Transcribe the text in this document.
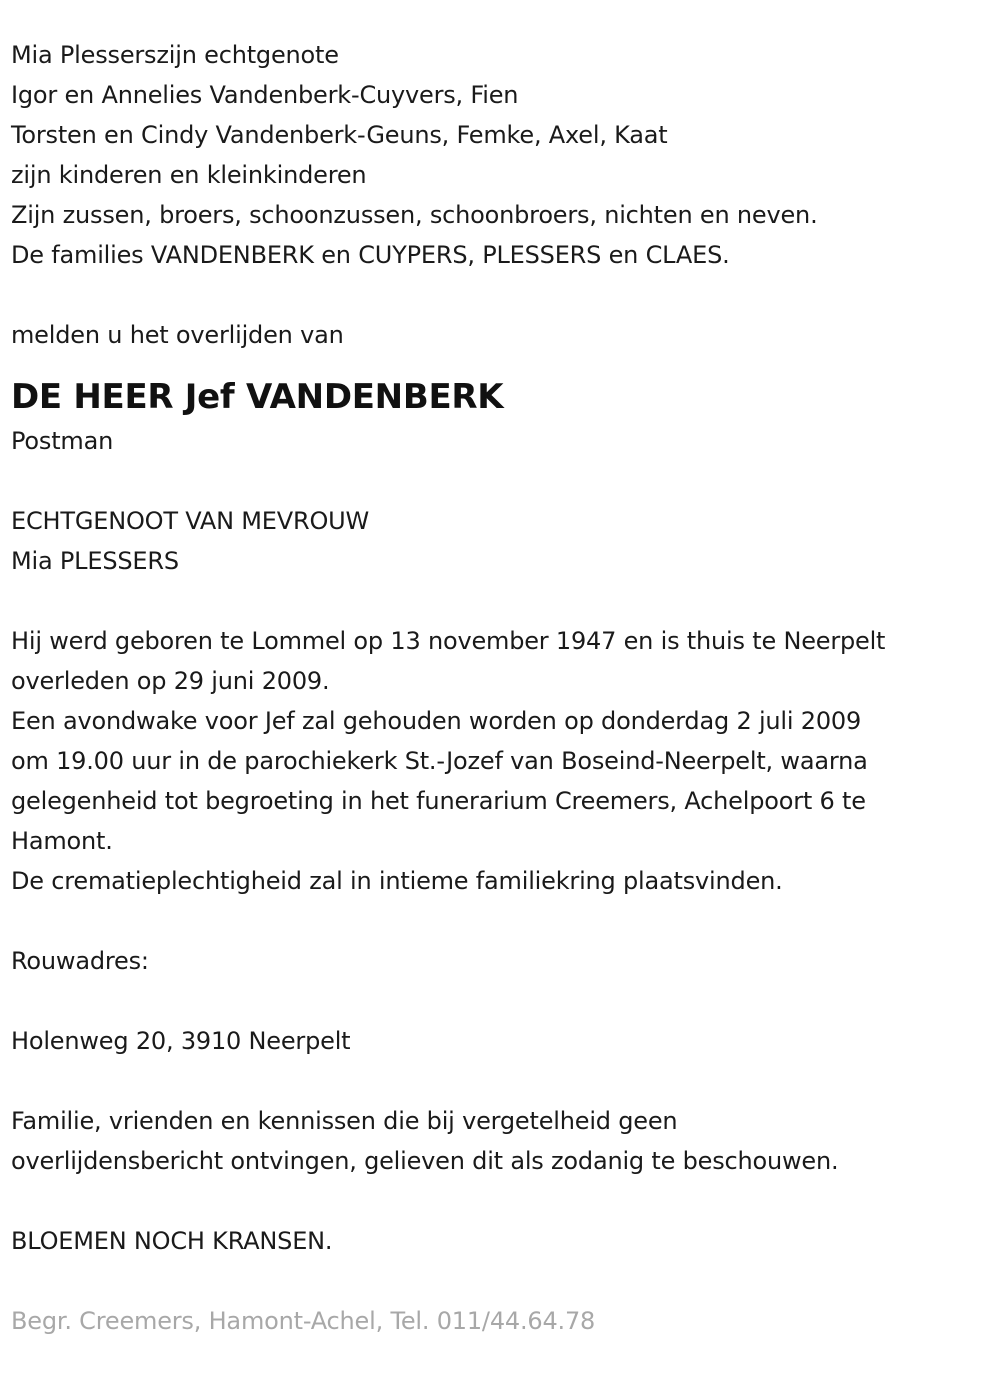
Mia Plesserszijn echtgenote
Igor en Annelies Vandenberk-Cuyvers, Fien
Torsten en Cindy Vandenberk-Geuns, Femke, Axel, Kaat
zijn kinderen en kleinkinderen
Zijn zussen, broers, schoonzussen, schoonbroers, nichten en neven.
De families VANDENBERK en CUYPERS, PLESSERS en CLAES.
melden u het overlijden van
DE HEER Jef VANDENBERK
Postman
ECHTGENOOT VAN MEVROUW
Mia PLESSERS
Hij werd geboren te Lommel op 13 november 1947 en is thuis te Neerpelt
overleden op 29 juni 2009.
Een avondwake voor Jef zal gehouden worden op donderdag 2 juli 2009
om 19.00 uur in de parochiekerk St.-Jozef van Boseind-Neerpelt, waarna
gelegenheid tot begroeting in het funerarium Creemers, Achelpoort 6 te
Hamont.
De crematieplechtigheid zal in intieme familiekring plaatsvinden.
Rouwadres:
Holenweg 20, 3910 Neerpelt
Familie, vrienden en kennissen die bij vergetelheid geen
overlijdensbericht ontvingen, gelieven dit als zodanig te beschouwen.
BLOEMEN NOCH KRANSEN.
Begr. Creemers, Hamont-Achel, Tel. 011/44.64.78
